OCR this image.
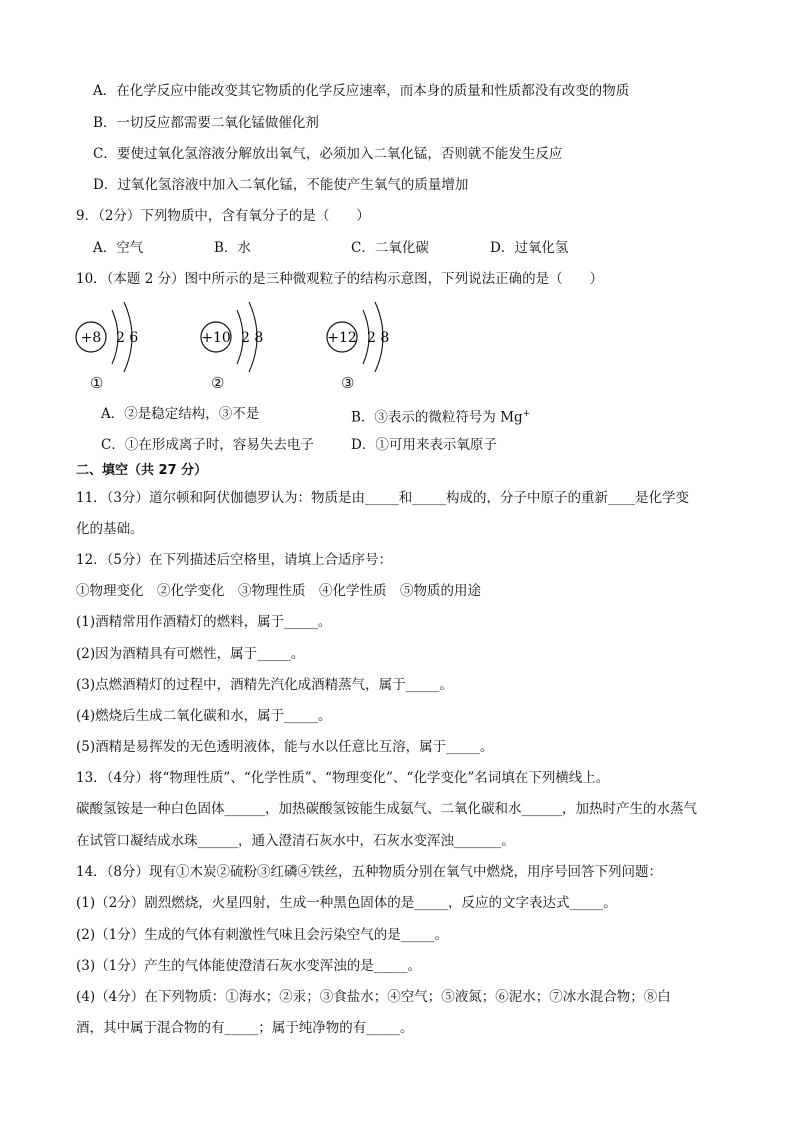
A．在化学反应中能改变其它物质的化学反应速率，而本身的质量和性质都没有改变的物质
B．一切反应都需要二氧化锰做催化剂
C．要使过氧化氢溶液分解放出氧气，必须加入二氧化锰，否则就不能发生反应
D．过氧化氢溶液中加入二氧化锰，不能使产生氧气的质量增加
9．（2分）下列物质中，含有氧分子的是（　　）
A．空气	B．水	C．二氧化碳	D．过氧化氢
10．（本题 2 分）图中所示的是三种微观粒子的结构示意图，下列说法正确的是（　　）
+8 2 6
①
+10 2 8
②
+12 2 8
③
A．②是稳定结构，③不是	B．③表示的微粒符号为 Mg+
C．①在形成离子时，容易失去电子	D．①可用来表示氧原子
二、填空（共 27 分）
11．（3分）道尔顿和阿伏伽德罗认为：物质是由_____和_____构成的，分子中原子的重新____是化学变
化的基础。
12．（5分）在下列描述后空格里，请填上合适序号：
①物理变化　②化学变化　③物理性质　④化学性质　⑤物质的用途
(1)酒精常用作酒精灯的燃料，属于_____。
(2)因为酒精具有可燃性，属于_____。
(3)点燃酒精灯的过程中，酒精先汽化成酒精蒸气，属于_____。
(4)燃烧后生成二氧化碳和水，属于_____。
(5)酒精是易挥发的无色透明液体，能与水以任意比互溶，属于_____。
13．（4分）将“物理性质”、“化学性质”、“物理变化”、“化学变化”名词填在下列横线上。
碳酸氢铵是一种白色固体______，加热碳酸氢铵能生成氨气、二氧化碳和水______，加热时产生的水蒸气
在试管口凝结成水珠______，通入澄清石灰水中，石灰水变浑浊_______。
14．（8分）现有①木炭②硫粉③红磷④铁丝，五种物质分别在氧气中燃烧，用序号回答下列问题：
(1)（2分）剧烈燃烧，火星四射，生成一种黑色固体的是_____，反应的文字表达式_____。
(2)（1分）生成的气体有刺激性气味且会污染空气的是_____。
(3)（1分）产生的气体能使澄清石灰水变浑浊的是_____。
(4)（4分）在下列物质：①海水；②汞；③食盐水；④空气；⑤液氮；⑥泥水；⑦冰水混合物；⑧白
酒，其中属于混合物的有_____；属于纯净物的有_____。
